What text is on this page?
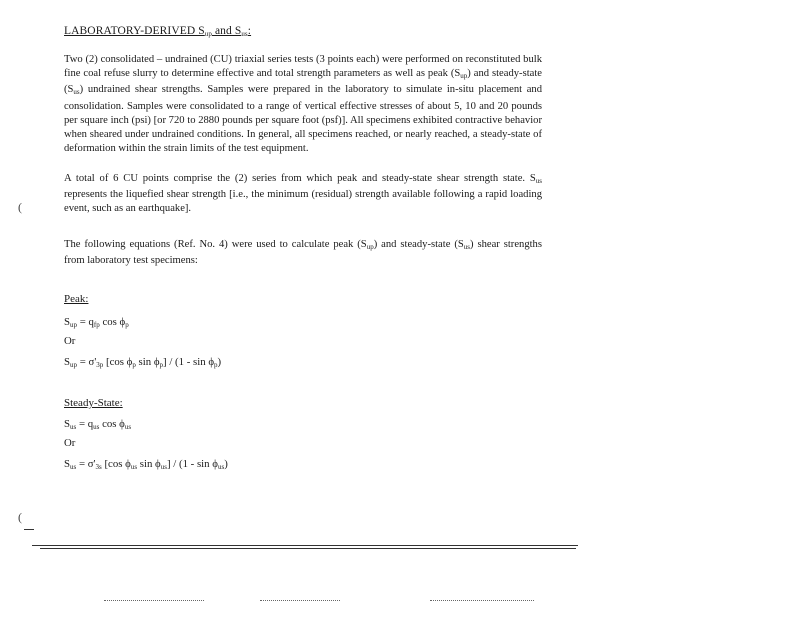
LABORATORY-DERIVED $S_{up}$ and $S_{us}$:
Two (2) consolidated – undrained (CU) triaxial series tests (3 points each) were performed on reconstituted bulk fine coal refuse slurry to determine effective and total strength parameters as well as peak $(S_{up})$ and steady-state $(S_{us})$ undrained shear strengths. Samples were prepared in the laboratory to simulate in-situ placement and consolidation. Samples were consolidated to a range of vertical effective stresses of about 5, 10 and 20 pounds per square inch (psi) [or 720 to 2880 pounds per square foot (psf)]. All specimens exhibited contractive behavior when sheared under undrained conditions. In general, all specimens reached, or nearly reached, a steady-state of deformation within the strain limits of the test equipment.
A total of 6 CU points comprise the (2) series from which peak and steady-state shear strength state. $S_{us}$ represents the liquefied shear strength [i.e., the minimum (residual) strength available following a rapid loading event, such as an earthquake].
The following equations (Ref. No. 4) were used to calculate peak $(S_{up})$ and steady-state $(S_{us})$ shear strengths from laboratory test specimens:
Peak:
$S_{up} = q_{fp}$ $\cos \phi_p$
Or
$S_{up} = \sigma'_{3p}$ [cos $\phi_p$ $\sin \phi_p] / (1$ - $\sin \phi_p$)
Steady-State:
$S_{us} = q_{us}$ $\cos \phi_{us}$
Or
$S_{us} = \sigma'_{3s}$ [cos $\phi_{us}$ $\sin \phi_{us}] / (1$ - $\sin \phi_{us}$)
(
(
